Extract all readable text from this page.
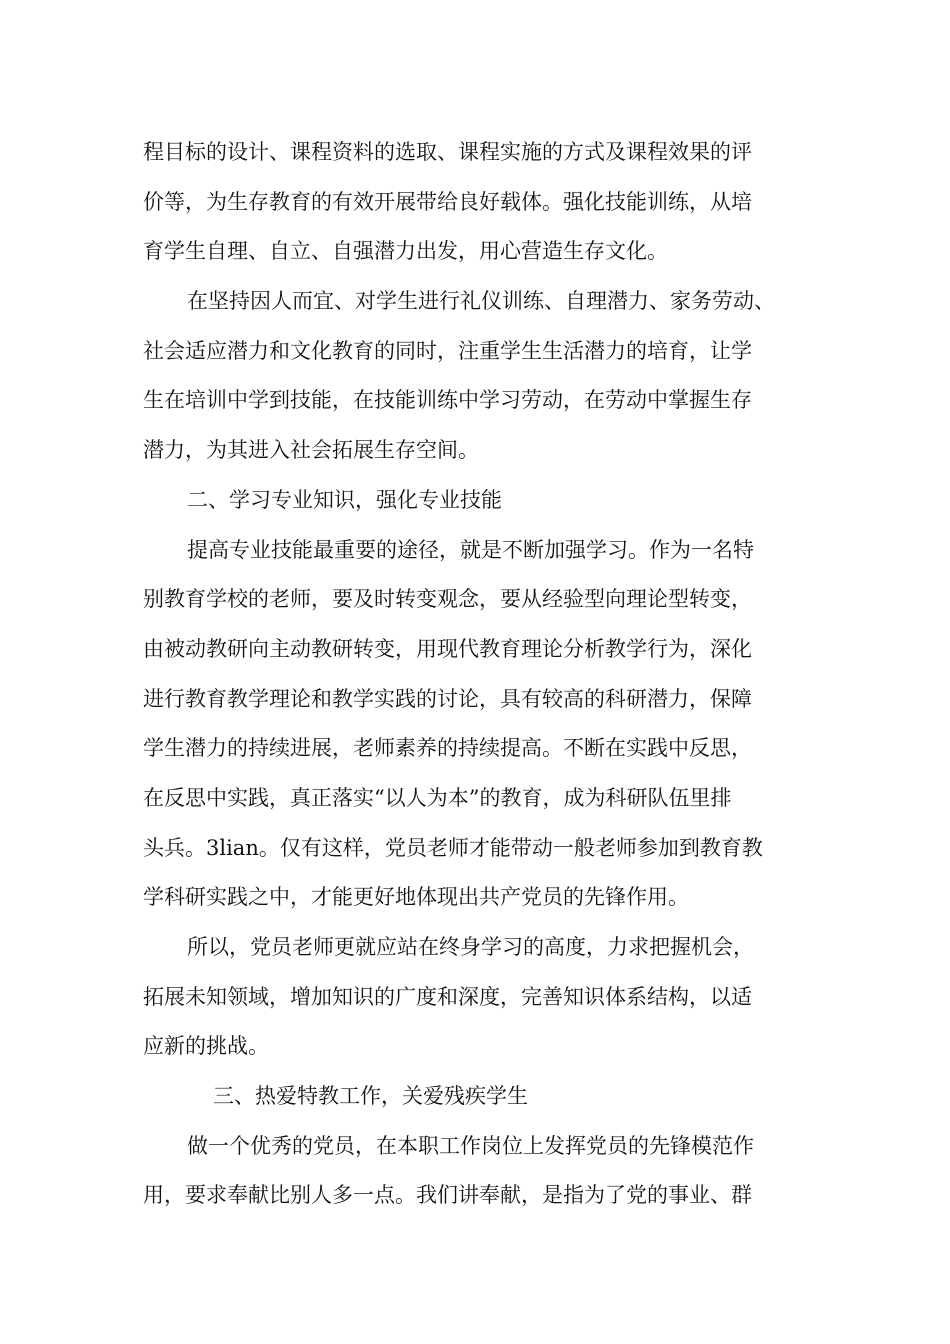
程目标的设计、课程资料的选取、课程实施的方式及课程效果的评
价等，为生存教育的有效开展带给良好载体。强化技能训练，从培
育学生自理、自立、自强潜力出发，用心营造生存文化。
在坚持因人而宜、对学生进行礼仪训练、自理潜力、家务劳动、
社会适应潜力和文化教育的同时，注重学生生活潜力的培育，让学
生在培训中学到技能，在技能训练中学习劳动，在劳动中掌握生存
潜力，为其进入社会拓展生存空间。
二、学习专业知识，强化专业技能
提高专业技能最重要的途径，就是不断加强学习。作为一名特
别教育学校的老师，要及时转变观念，要从经验型向理论型转变，
由被动教研向主动教研转变，用现代教育理论分析教学行为，深化
进行教育教学理论和教学实践的讨论，具有较高的科研潜力，保障
学生潜力的持续进展，老师素养的持续提高。不断在实践中反思，
在反思中实践，真正落实“以人为本”的教育，成为科研队伍里排
头兵。3lian。仅有这样，党员老师才能带动一般老师参加到教育教
学科研实践之中，才能更好地体现出共产党员的先锋作用。
所以，党员老师更就应站在终身学习的高度，力求把握机会，
拓展未知领域，增加知识的广度和深度，完善知识体系结构，以适
应新的挑战。
三、热爱特教工作，关爱残疾学生
做一个优秀的党员，在本职工作岗位上发挥党员的先锋模范作
用，要求奉献比别人多一点。我们讲奉献，是指为了党的事业、群
